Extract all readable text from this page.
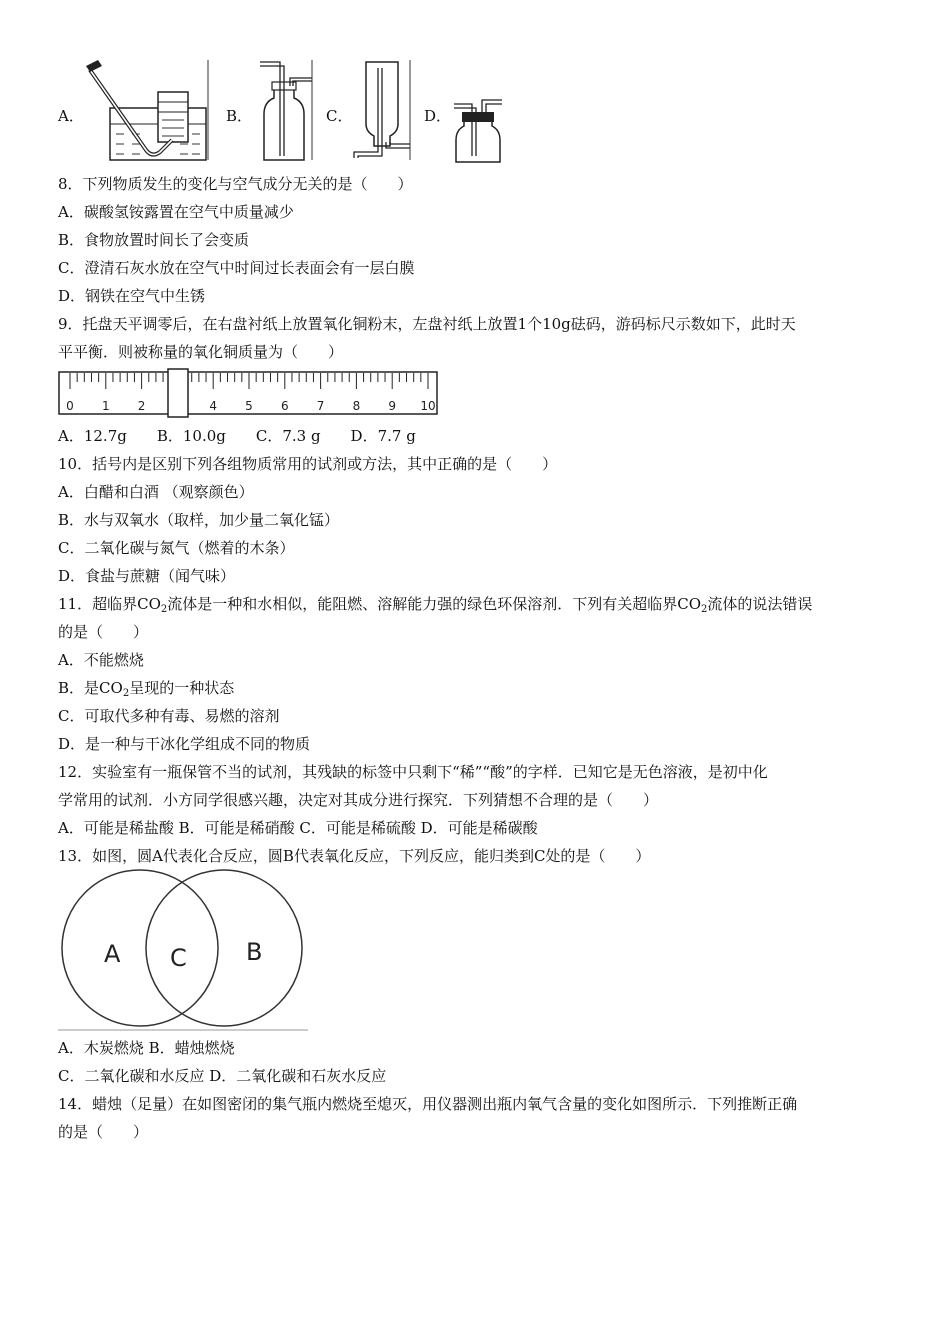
A．	B．	C．	D．
8．下列物质发生的变化与空气成分无关的是（　　）
A．碳酸氢铵露置在空气中质量减少
B．食物放置时间长了会变质
C．澄清石灰水放在空气中时间过长表面会有一层白膜
D．钢铁在空气中生锈
9．托盘天平调零后，在右盘衬纸上放置氧化铜粉末，左盘衬纸上放置1个10g砝码，游码标尺示数如下，此时天
平平衡．则被称量的氧化铜质量为（　　）
0 1 2	4 5 6 7 8 9 10
A．12.7g　　B．10.0g　　C．7.3 g　　D．7.7 g
10．括号内是区别下列各组物质常用的试剂或方法，其中正确的是（　　）
A．白醋和白酒 （观察颜色）
B．水与双氧水（取样，加少量二氧化锰）
C．二氧化碳与氮气（燃着的木条）
D．食盐与蔗糖（闻气味）
11．超临界$CO_2$流体是一种和水相似，能阻燃、溶解能力强的绿色环保溶剂．下列有关超临界$CO_2$流体的说法错误
的是（　　）
A．不能燃烧
B．是$CO_2$呈现的一种状态
C．可取代多种有毒、易燃的溶剂
D．是一种与干冰化学组成不同的物质
12．实验室有一瓶保管不当的试剂，其残缺的标签中只剩下“稀”“酸”的字样．已知它是无色溶液，是初中化
学常用的试剂．小方同学很感兴趣，决定对其成分进行探究．下列猜想不合理的是（　　）
A．可能是稀盐酸 B．可能是稀硝酸 C．可能是稀硫酸 D．可能是稀碳酸
13．如图，圆A代表化合反应，圆B代表氧化反应，下列反应，能归类到C处的是（　　）
A C B
A．木炭燃烧 B．蜡烛燃烧
C．二氧化碳和水反应 D．二氧化碳和石灰水反应
14．蜡烛（足量）在如图密闭的集气瓶内燃烧至熄灭，用仪器测出瓶内氧气含量的变化如图所示．下列推断正确
的是（　　）
